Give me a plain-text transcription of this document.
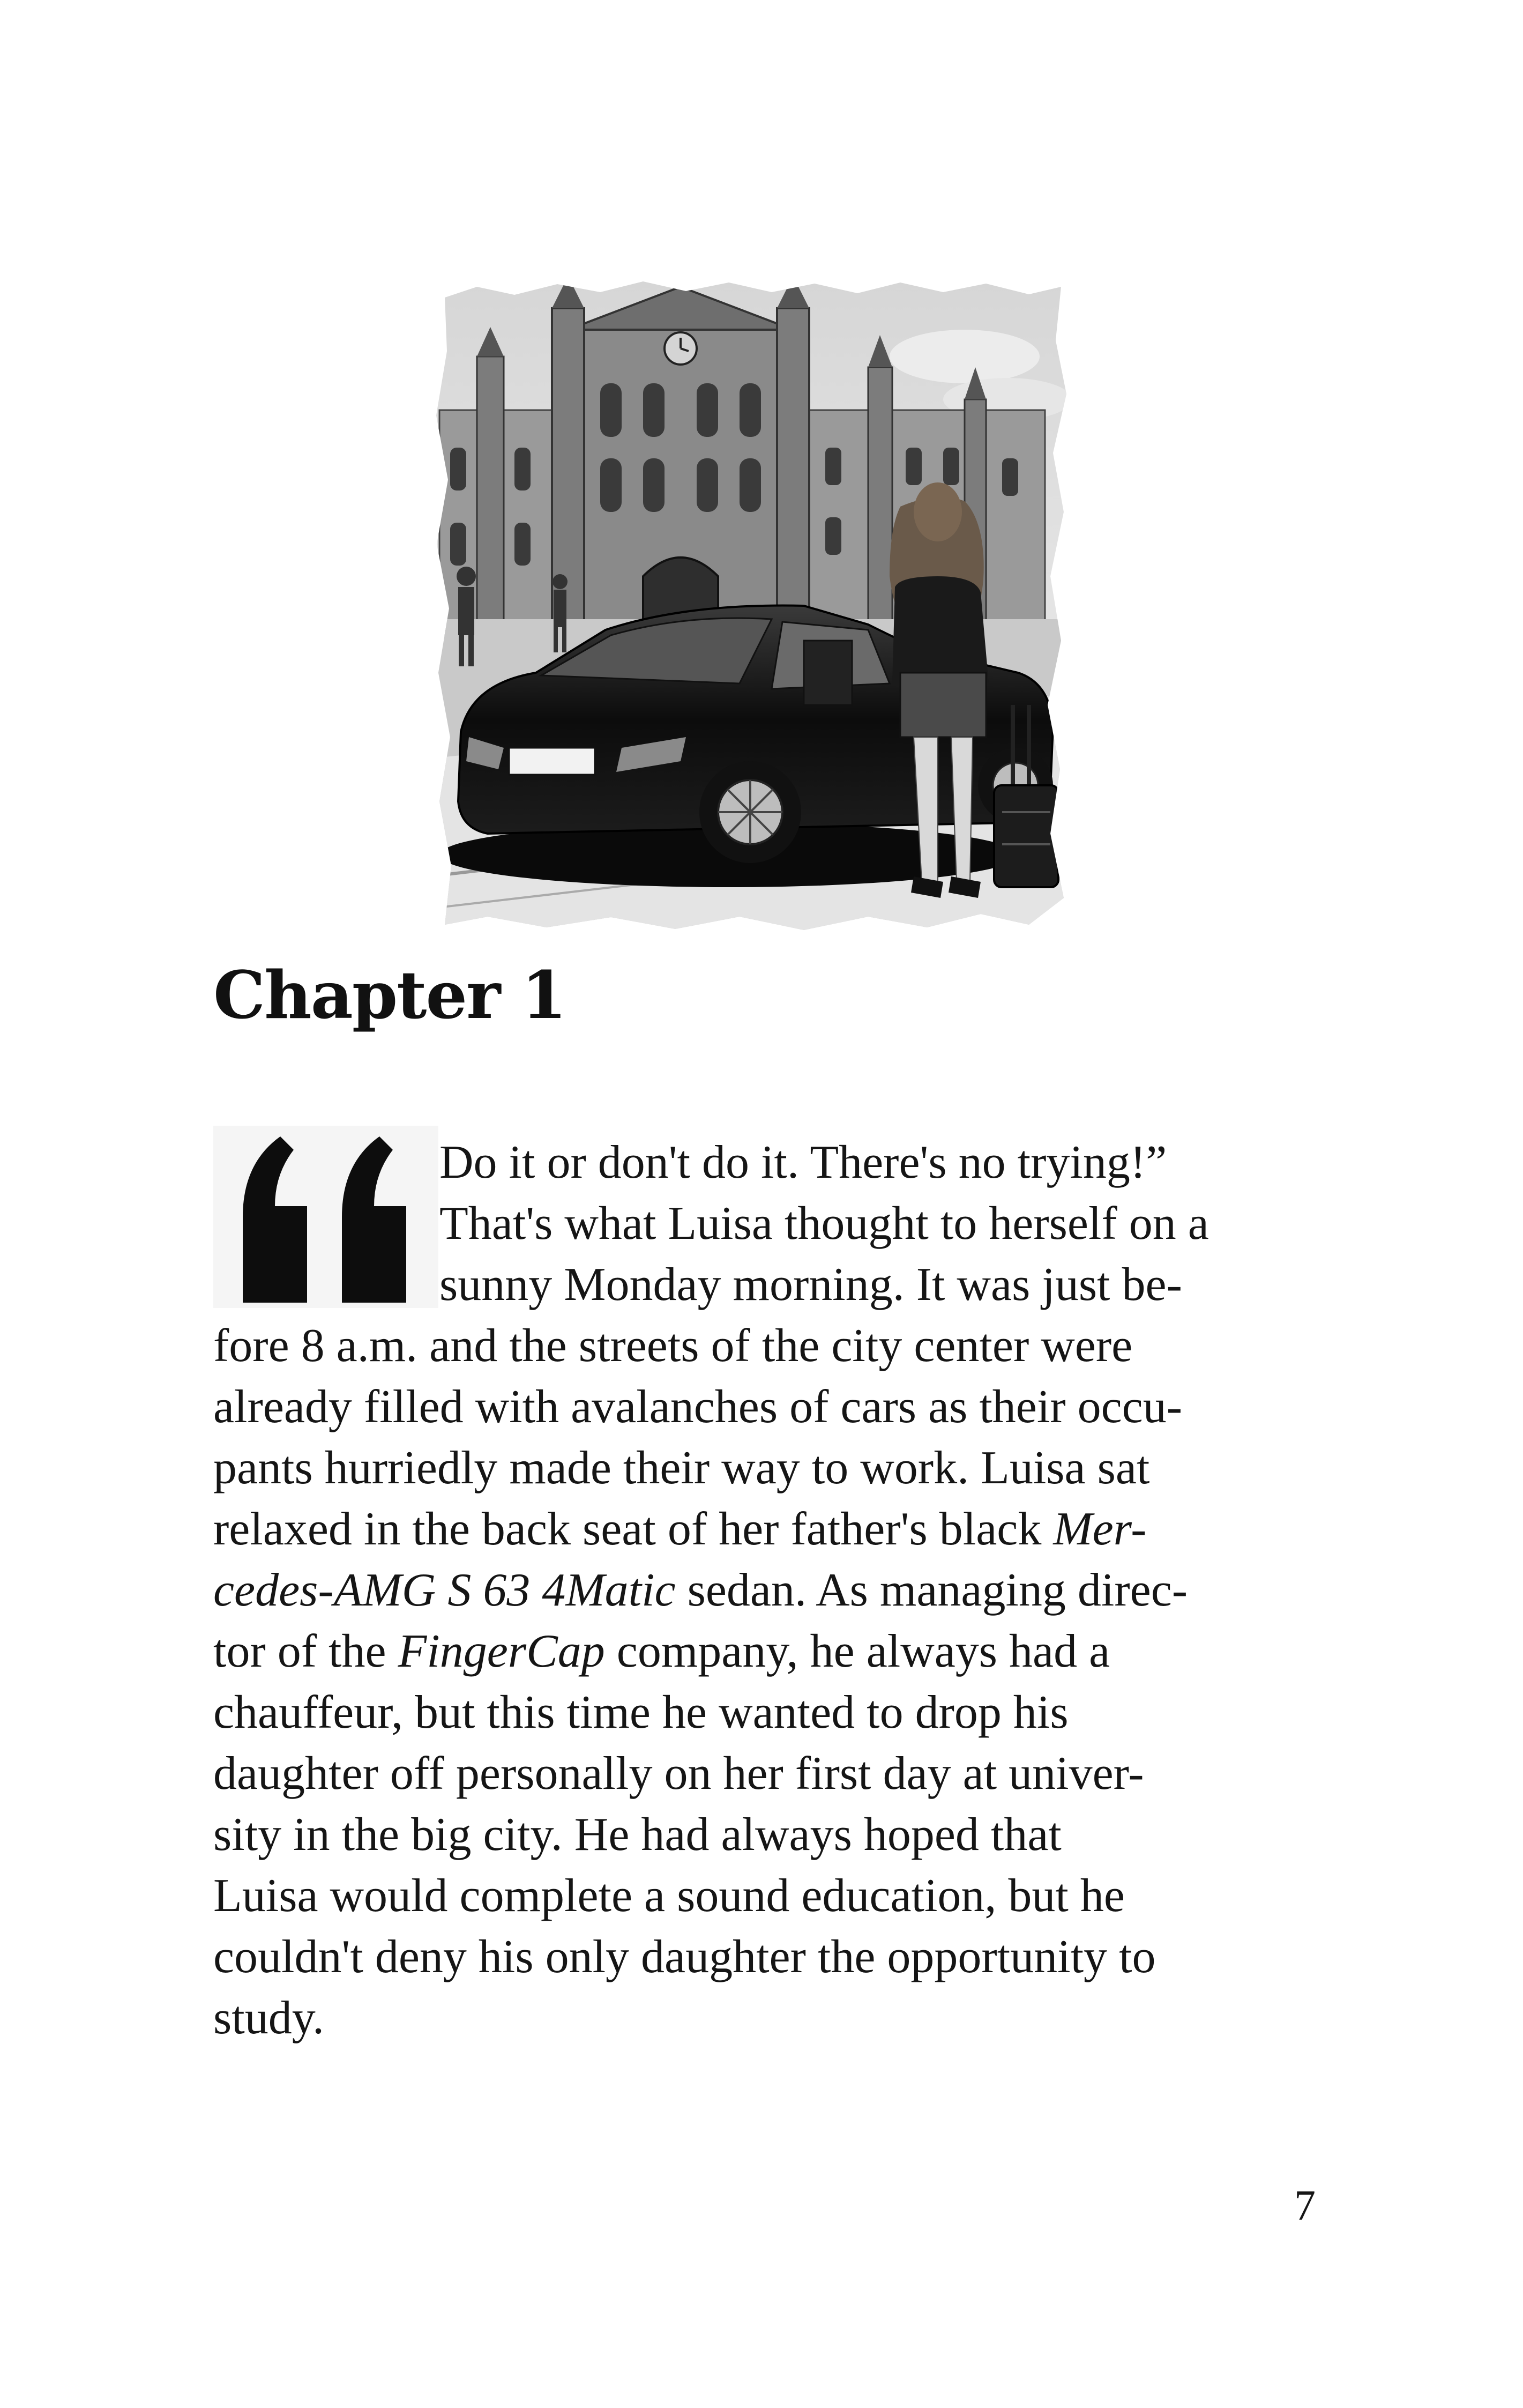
Chapter 1
Do it or don't do it. There's no trying!”
That's what Luisa thought to herself on a
sunny Monday morning. It was just be-
fore 8 a.m. and the streets of the city center were
already filled with avalanches of cars as their occu-
pants hurriedly made their way to work. Luisa sat
relaxed in the back seat of her father's black Mer-
cedes-AMG S 63 4Matic sedan. As managing direc-
tor of the FingerCap company, he always had a
chauffeur, but this time he wanted to drop his
daughter off personally on her first day at univer-
sity in the big city. He had always hoped that
Luisa would complete a sound education, but he
couldn't deny his only daughter the opportunity to
study.
7
